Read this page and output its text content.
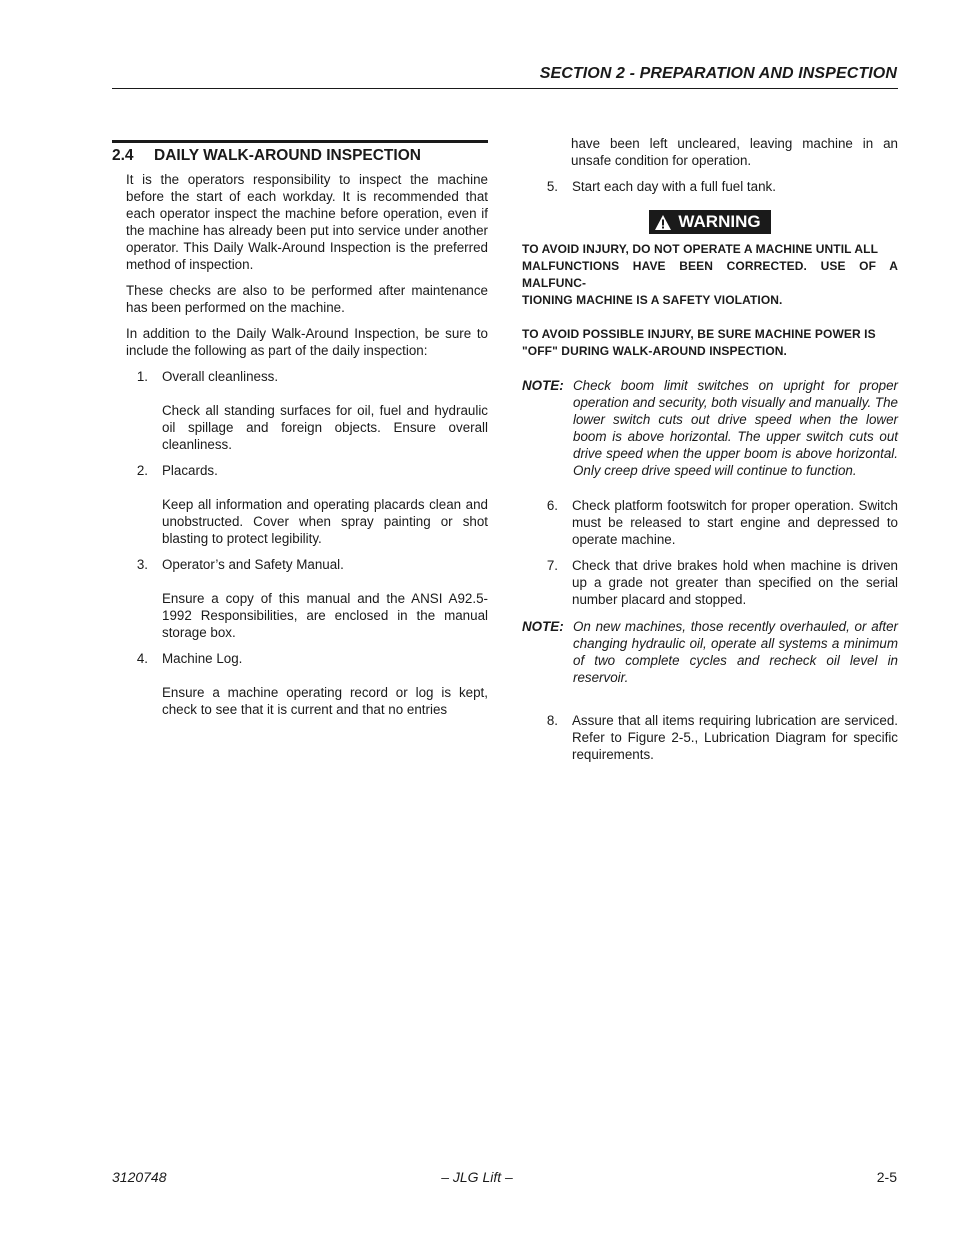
SECTION 2 - PREPARATION AND INSPECTION
2.4 DAILY WALK-AROUND INSPECTION

It is the operators responsibility to inspect the machine before the start of each workday. It is recommended that each operator inspect the machine before operation, even if the machine has already been put into service under another operator. This Daily Walk-Around Inspection is the preferred method of inspection.

These checks are also to be performed after maintenance has been performed on the machine.

In addition to the Daily Walk-Around Inspection, be sure to include the following as part of the daily inspection:

1.	Overall cleanliness.
Check all standing surfaces for oil, fuel and hydraulic oil spillage and foreign objects. Ensure overall cleanliness.
2.	Placards.
Keep all information and operating placards clean and unobstructed. Cover when spray painting or shot blasting to protect legibility.
3.	Operator’s and Safety Manual.
Ensure a copy of this manual and the ANSI A92.5-1992 Responsibilities, are enclosed in the manual storage box.
4.	Machine Log.
Ensure a machine operating record or log is kept, check to see that it is current and that no entries
have been left uncleared, leaving machine in an unsafe condition for operation.
5.	Start each day with a full fuel tank.
WARNING
TO AVOID INJURY, DO NOT OPERATE A MACHINE UNTIL ALL
MALFUNCTIONS HAVE BEEN CORRECTED. USE OF A MALFUNC-
TIONING MACHINE IS A SAFETY VIOLATION.
TO AVOID POSSIBLE INJURY, BE SURE MACHINE POWER IS
"OFF" DURING WALK-AROUND INSPECTION.
NOTE: Check boom limit switches on upright for proper operation and security, both visually and manually. The lower switch cuts out drive speed when the lower boom is above horizontal. The upper switch cuts out drive speed when the upper boom is above horizontal. Only creep drive speed will continue to function.
6.	Check platform footswitch for proper operation. Switch must be released to start engine and depressed to operate machine.
7.	Check that drive brakes hold when machine is driven up a grade not greater than specified on the serial number placard and stopped.
NOTE: On new machines, those recently overhauled, or after changing hydraulic oil, operate all systems a minimum of two complete cycles and recheck oil level in reservoir.
8.	Assure that all items requiring lubrication are serviced. Refer to Figure 2-5., Lubrication Diagram for specific requirements.
3120748	– JLG Lift –	2-5
